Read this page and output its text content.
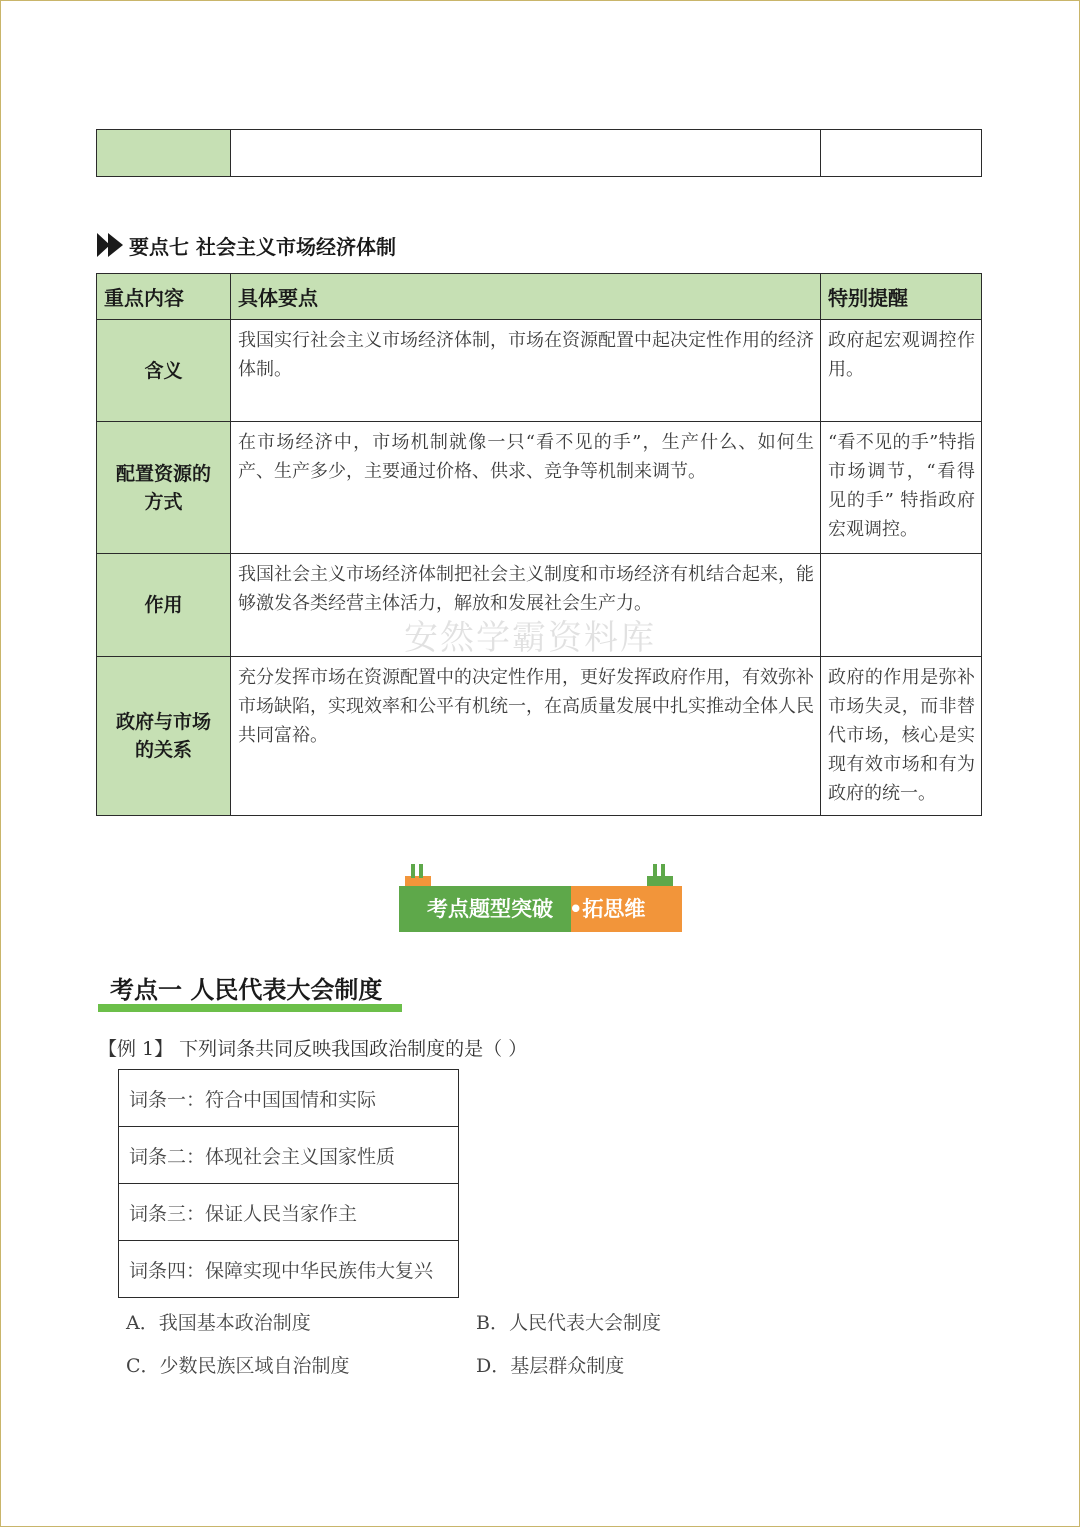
要点七 社会主义市场经济体制
重点内容	具体要点	特别提醒
含义	我国实行社会主义市场经济体制，市场在资源配置中起决定性作用的经济体制。	政府起宏观调控作用。
配置资源的方式	在市场经济中，市场机制就像一只“看不见的手”，生产什么、如何生产、生产多少，主要通过价格、供求、竞争等机制来调节。	“看不见的手”特指市场调节，“看得见的手” 特指政府宏观调控。
作用	我国社会主义市场经济体制把社会主义制度和市场经济有机结合起来，能够激发各类经营主体活力，解放和发展社会生产力。	
政府与市场的关系	充分发挥市场在资源配置中的决定性作用，更好发挥政府作用，有效弥补市场缺陷，实现效率和公平有机统一，在高质量发展中扎实推动全体人民共同富裕。	政府的作用是弥补市场失灵，而非替代市场，核心是实现有效市场和有为政府的统一。
安然学霸资料库
考点题型突破 •拓思维
考点一 人民代表大会制度
【例 1】 下列词条共同反映我国政治制度的是（ ）
词条一：符合中国国情和实际
词条二：体现社会主义国家性质
词条三：保证人民当家作主
词条四：保障实现中华民族伟大复兴
A．我国基本政治制度	B．人民代表大会制度
C．少数民族区域自治制度	D．基层群众制度
